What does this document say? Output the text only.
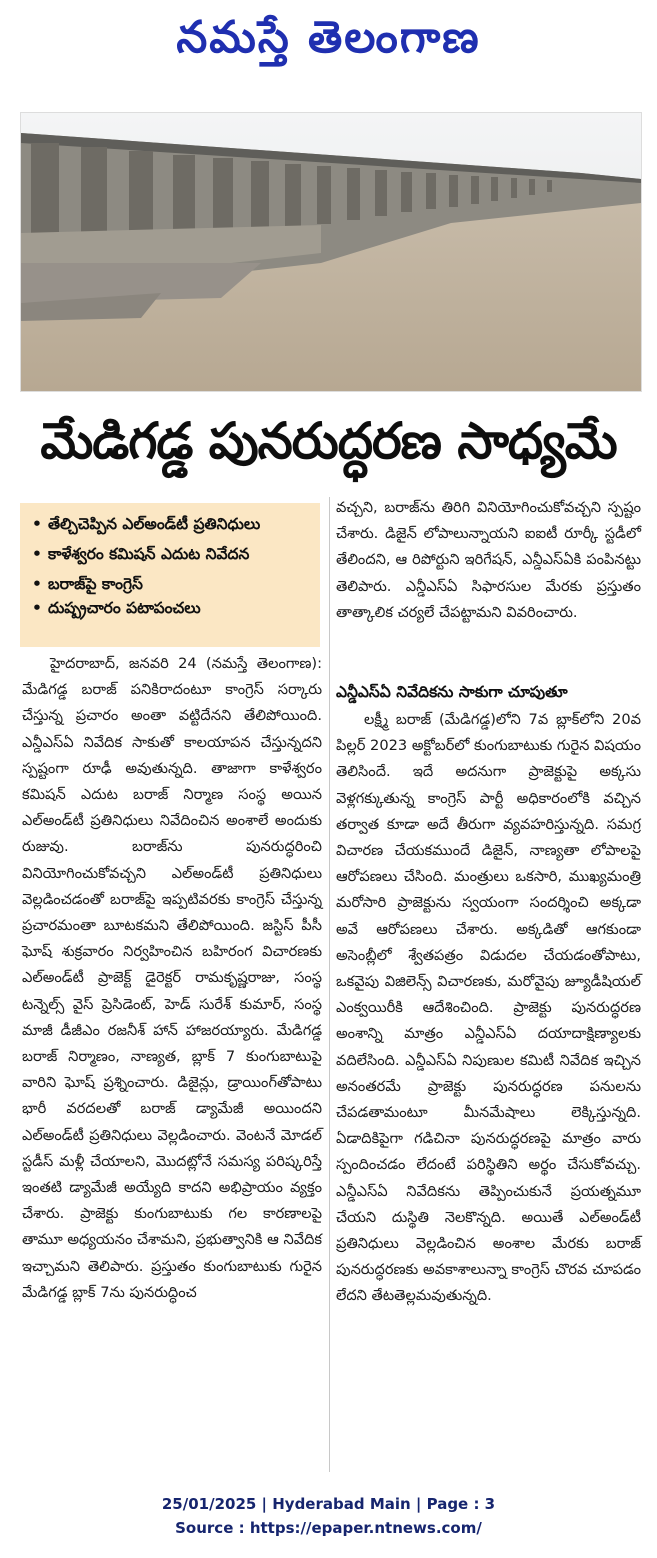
నమస్తే తెలంగాణ
మేడిగడ్డ పునరుద్ధరణ సాధ్యమే
• తేల్చిచెప్పిన ఎల్‌అండ్‌టీ ప్రతినిధులు
• కాళేశ్వరం కమిషన్‌ ఎదుట నివేదన
• బరాజ్‌పై కాంగ్రెస్‌
• దుష్ప్రచారం పటాపంచలు

హైదరాబాద్‌, జనవరి 24 (నమస్తే తెలంగాణ): మేడిగడ్డ బరాజ్‌ పనికిరాదంటూ కాంగ్రెస్‌ సర్కారు చేస్తున్న ప్రచారం అంతా వట్టిదేనని తేలిపోయింది. ఎన్డీఎస్‌ఏ నివేదిక సాకుతో కాలయాపన చేస్తున్నదని స్పష్టంగా రూఢీ అవుతున్నది. తాజాగా కాళేశ్వరం కమిషన్‌ ఎదుట బరాజ్‌ నిర్మాణ సంస్థ అయిన ఎల్‌అండ్‌టీ ప్రతినిధులు నివేదించిన అంశాలే అందుకు రుజువు. బరాజ్‌ను పునరుద్ధరించి వినియోగించుకోవచ్చని ఎల్‌అండ్‌టీ ప్రతినిధులు వెల్లడించడంతో బరాజ్‌పై ఇప్పటివరకు కాంగ్రెస్‌ చేస్తున్న ప్రచారమంతా బూటకమని తేలిపోయింది. జస్టిస్‌ పీసీ ఘోష్‌ శుక్రవారం నిర్వహించిన బహిరంగ విచారణకు ఎల్‌అండ్‌టీ ప్రాజెక్ట్‌ డైరెక్టర్‌ రామకృష్ణరాజు, సంస్థ టన్నెల్స్‌ వైస్‌ ప్రెసిడెంట్‌, హెడ్‌ సురేశ్‌ కుమార్‌, సంస్థ మాజీ డీజీఎం రజనీశ్‌ హాన్‌ హాజరయ్యారు. మేడిగడ్డ బరాజ్‌ నిర్మాణం, నాణ్యత, బ్లాక్‌ 7 కుంగుబాటుపై వారిని ఘోష్‌ ప్రశ్నించారు. డిజైన్లు, డ్రాయింగ్‌తోపాటు భారీ వరదలతో బరాజ్‌ డ్యామేజీ అయిందని ఎల్‌అండ్‌టీ ప్రతినిధులు వెల్లడించారు. వెంటనే మోడల్‌ స్టడీస్‌ మళ్లీ చేయాలని, మొదట్లోనే సమస్య పరిష్కరిస్తే ఇంతటి డ్యామేజీ అయ్యేది కాదని అభిప్రాయం వ్యక్తం చేశారు. ప్రాజెక్టు కుంగుబాటుకు గల కారణాలపై తామూ అధ్యయనం చేశామని, ప్రభుత్వానికి ఆ నివేదిక ఇచ్చామని తెలిపారు. ప్రస్తుతం కుంగుబాటుకు గురైన మేడిగడ్డ బ్లాక్‌ 7ను పునరుద్ధించ

వచ్చని, బరాజ్‌ను తిరిగి వినియోగించుకోవచ్చని స్పష్టం చేశారు. డిజైన్‌ లోపాలున్నాయని ఐఐటీ రూర్కీ స్టడీలో తేలిందని, ఆ రిపోర్టుని ఇరిగేషన్‌, ఎన్డీఎస్‌ఏకి పంపినట్టు తెలిపారు. ఎన్డీఎస్‌ఏ సిఫారసుల మేరకు ప్రస్తుతం తాత్కాలిక చర్యలే చేపట్టామని వివరించారు.

ఎన్డీఎస్‌ఏ నివేదికను సాకుగా చూపుతూ

లక్ష్మీ బరాజ్‌ (మేడిగడ్డ)లోని 7వ బ్లాక్‌లోని 20వ పిల్లర్‌ 2023 అక్టోబర్‌లో కుంగుబాటుకు గురైన విషయం తెలిసిందే. ఇదే అదనుగా ప్రాజెక్టుపై అక్కసు వెళ్లగక్కుతున్న కాంగ్రెస్‌ పార్టీ అధికారంలోకి వచ్చిన తర్వాత కూడా అదే తీరుగా వ్యవహరిస్తున్నది. సమగ్ర విచారణ చేయకముందే డిజైన్‌, నాణ్యతా లోపాలపై ఆరోపణలు చేసింది. మంత్రులు ఒకసారి, ముఖ్యమంత్రి మరోసారి ప్రాజెక్టును స్వయంగా సందర్శించి అక్కడా అవే ఆరోపణలు చేశారు. అక్కడితో ఆగకుండా అసెంబ్లీలో శ్వేతపత్రం విడుదల చేయడంతోపాటు, ఒకవైపు విజిలెన్స్‌ విచారణకు, మరోవైపు జ్యూడీషియల్‌ ఎంక్వయిరీకి ఆదేశించింది. ప్రాజెక్టు పునరుద్ధరణ అంశాన్ని మాత్రం ఎన్డీఎస్‌ఏ దయాదాక్షిణ్యాలకు వదిలేసింది. ఎన్డీఎస్‌ఏ నిపుణుల కమిటీ నివేదిక ఇచ్చిన అనంతరమే ప్రాజెక్టు పునరుద్ధరణ పనులను చేపడతామంటూ మీనమేషాలు లెక్కిస్తున్నది. ఏడాదికిపైగా గడిచినా పునరుద్ధరణపై మాత్రం వారు స్పందించడం లేదంటే పరిస్థితిని అర్థం చేసుకోవచ్చు. ఎన్డీఎస్‌ఏ నివేదికను తెప్పించుకునే ప్రయత్నమూ చేయని దుస్థితి నెలకొన్నది. అయితే ఎల్‌అండ్‌టీ ప్రతినిధులు వెల్లడించిన అంశాల మేరకు బరాజ్‌ పునరుద్ధరణకు అవకాశాలున్నా కాంగ్రెస్‌ చొరవ చూపడం లేదని తేటతెల్లమవుతున్నది.

25/01/2025 | Hyderabad Main | Page : 3
Source : https://epaper.ntnews.com/
